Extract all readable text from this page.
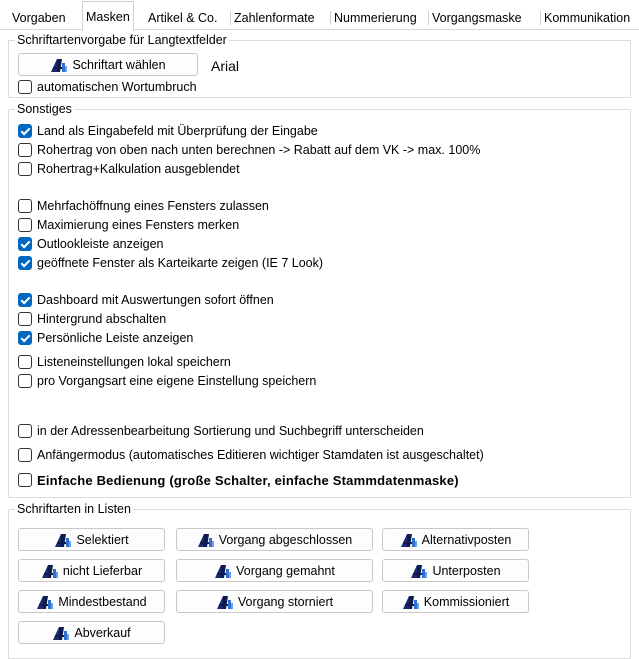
Vorgaben	Masken	Artikel & Co.	Zahlenformate	Nummerierung	Vorgangsmaske	Kommunikation
Schriftartenvorgabe für Langtextfelder
Schriftart wählen	Arial
automatischen Wortumbruch
Sonstiges
Land als Eingabefeld mit Überprüfung der Eingabe
Rohertrag von oben nach unten berechnen -> Rabatt auf dem VK -> max. 100%
Rohertrag+Kalkulation ausgeblendet
Mehrfachöffnung eines Fensters zulassen
Maximierung eines Fensters merken
Outlookleiste anzeigen
geöffnete Fenster als Karteikarte zeigen (IE 7 Look)
Dashboard mit Auswertungen sofort öffnen
Hintergrund abschalten
Persönliche Leiste anzeigen
Listeneinstellungen lokal speichern
pro Vorgangsart eine eigene Einstellung speichern
in der Adressenbearbeitung Sortierung und Suchbegriff unterscheiden
Anfängermodus (automatisches Editieren wichtiger Stamdaten ist ausgeschaltet)
Einfache Bedienung (große Schalter, einfache Stammdatenmaske)
Schriftarten in Listen
Selektiert	Vorgang abgeschlossen	Alternativposten
nicht Lieferbar	Vorgang gemahnt	Unterposten
Mindestbestand	Vorgang storniert	Kommissioniert
Abverkauf
